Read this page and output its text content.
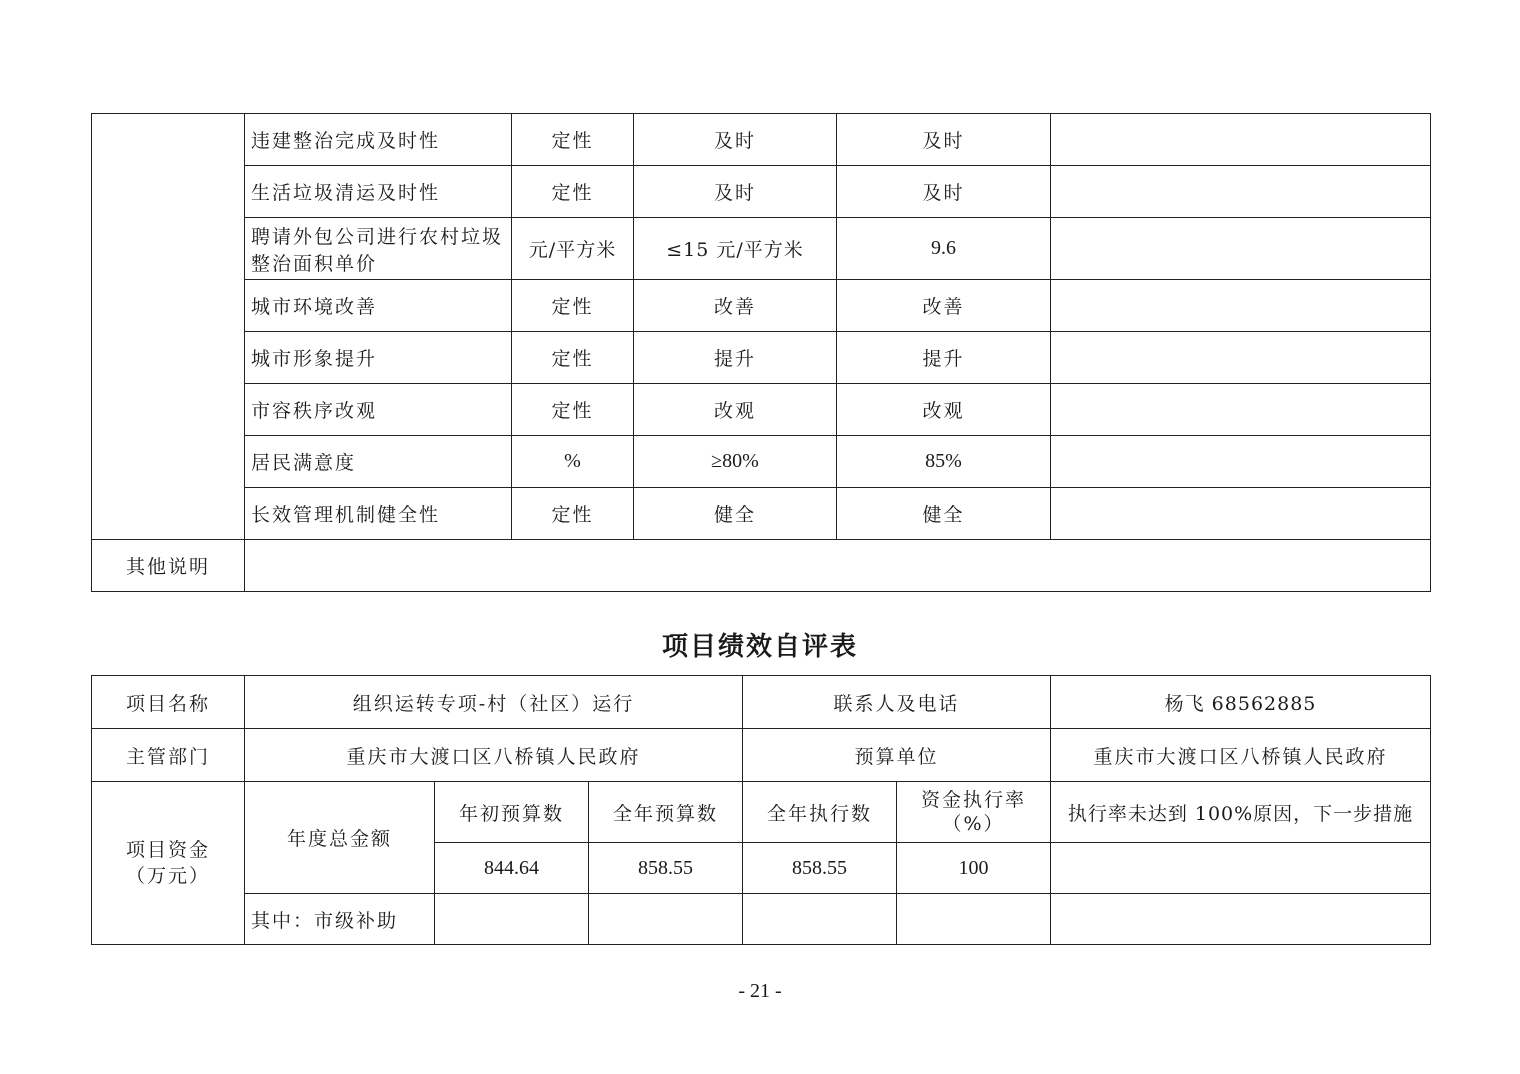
	违建整治完成及时性	定性	及时	及时	
	生活垃圾清运及时性	定性	及时	及时	
	聘请外包公司进行农村垃圾整治面积单价	元/平方米	≤15 元/平方米	9.6	
	城市环境改善	定性	改善	改善	
	城市形象提升	定性	提升	提升	
	市容秩序改观	定性	改观	改观	
	居民满意度	%	≥80%	85%	
	长效管理机制健全性	定性	健全	健全	
其他说明					
项目绩效自评表
项目名称	组织运转专项-村（社区）运行			联系人及电话		杨飞 68562885
主管部门	重庆市大渡口区八桥镇人民政府			预算单位		重庆市大渡口区八桥镇人民政府
项目资金（万元）	年度总金额	年初预算数	全年预算数	全年执行数	资金执行率（%）	执行率未达到 100%原因，下一步措施
		844.64	858.55	858.55	100	
	其中：市级补助					
- 21 -
